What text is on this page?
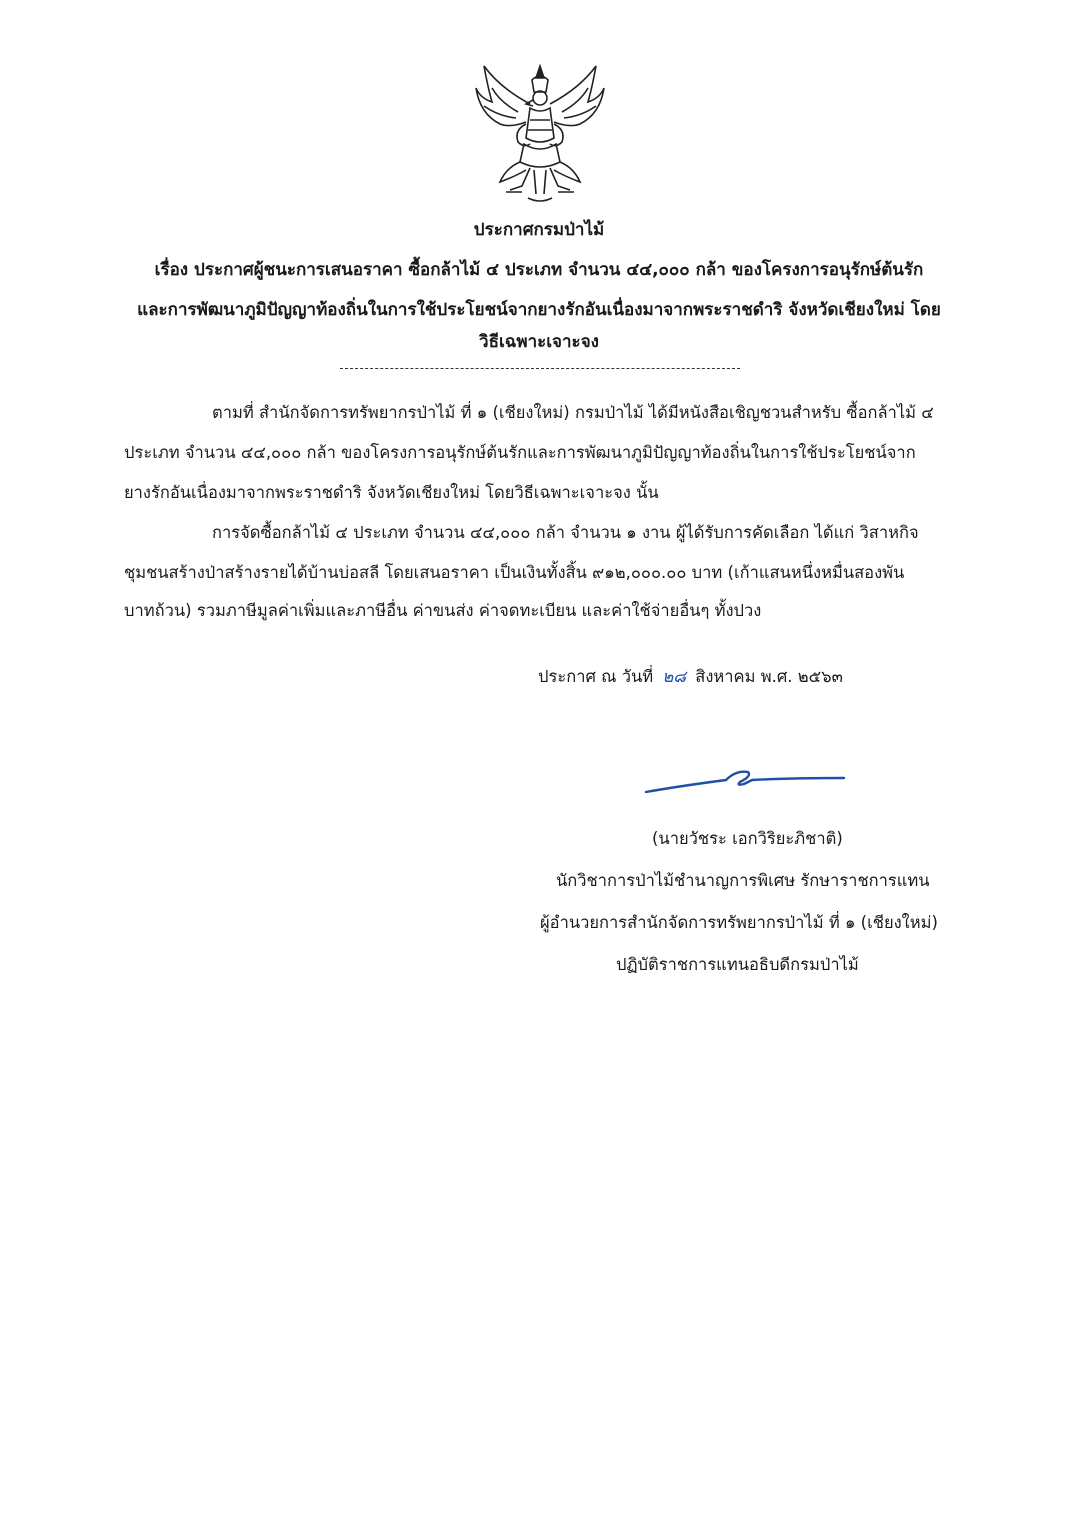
ประกาศกรมป่าไม้
เรื่อง ประกาศผู้ชนะการเสนอราคา ซื้อกล้าไม้ ๔ ประเภท จำนวน ๔๔,๐๐๐ กล้า ของโครงการอนุรักษ์ต้นรัก
และการพัฒนาภูมิปัญญาท้องถิ่นในการใช้ประโยชน์จากยางรักอันเนื่องมาจากพระราชดำริ จังหวัดเชียงใหม่ โดย
วิธีเฉพาะเจาะจง
ตามที่ สำนักจัดการทรัพยากรป่าไม้ ที่ ๑ (เชียงใหม่) กรมป่าไม้ ได้มีหนังสือเชิญชวนสำหรับ ซื้อกล้าไม้ ๔
ประเภท จำนวน ๔๔,๐๐๐ กล้า ของโครงการอนุรักษ์ต้นรักและการพัฒนาภูมิปัญญาท้องถิ่นในการใช้ประโยชน์จาก
ยางรักอันเนื่องมาจากพระราชดำริ จังหวัดเชียงใหม่ โดยวิธีเฉพาะเจาะจง นั้น
การจัดซื้อกล้าไม้ ๔ ประเภท จำนวน ๔๔,๐๐๐ กล้า จำนวน ๑ งาน ผู้ได้รับการคัดเลือก ได้แก่ วิสาหกิจ
ชุมชนสร้างป่าสร้างรายได้บ้านบ่อสลี โดยเสนอราคา เป็นเงินทั้งสิ้น ๙๑๒,๐๐๐.๐๐ บาท (เก้าแสนหนึ่งหมื่นสองพัน
บาทถ้วน) รวมภาษีมูลค่าเพิ่มและภาษีอื่น ค่าขนส่ง ค่าจดทะเบียน และค่าใช้จ่ายอื่นๆ ทั้งปวง
ประกาศ ณ วันที่ ๒๘ สิงหาคม พ.ศ. ๒๕๖๓
(นายวัชระ เอกวิริยะภิชาติ)
นักวิชาการป่าไม้ชำนาญการพิเศษ รักษาราชการแทน
ผู้อำนวยการสำนักจัดการทรัพยากรป่าไม้ ที่ ๑ (เชียงใหม่)
ปฏิบัติราชการแทนอธิบดีกรมป่าไม้
